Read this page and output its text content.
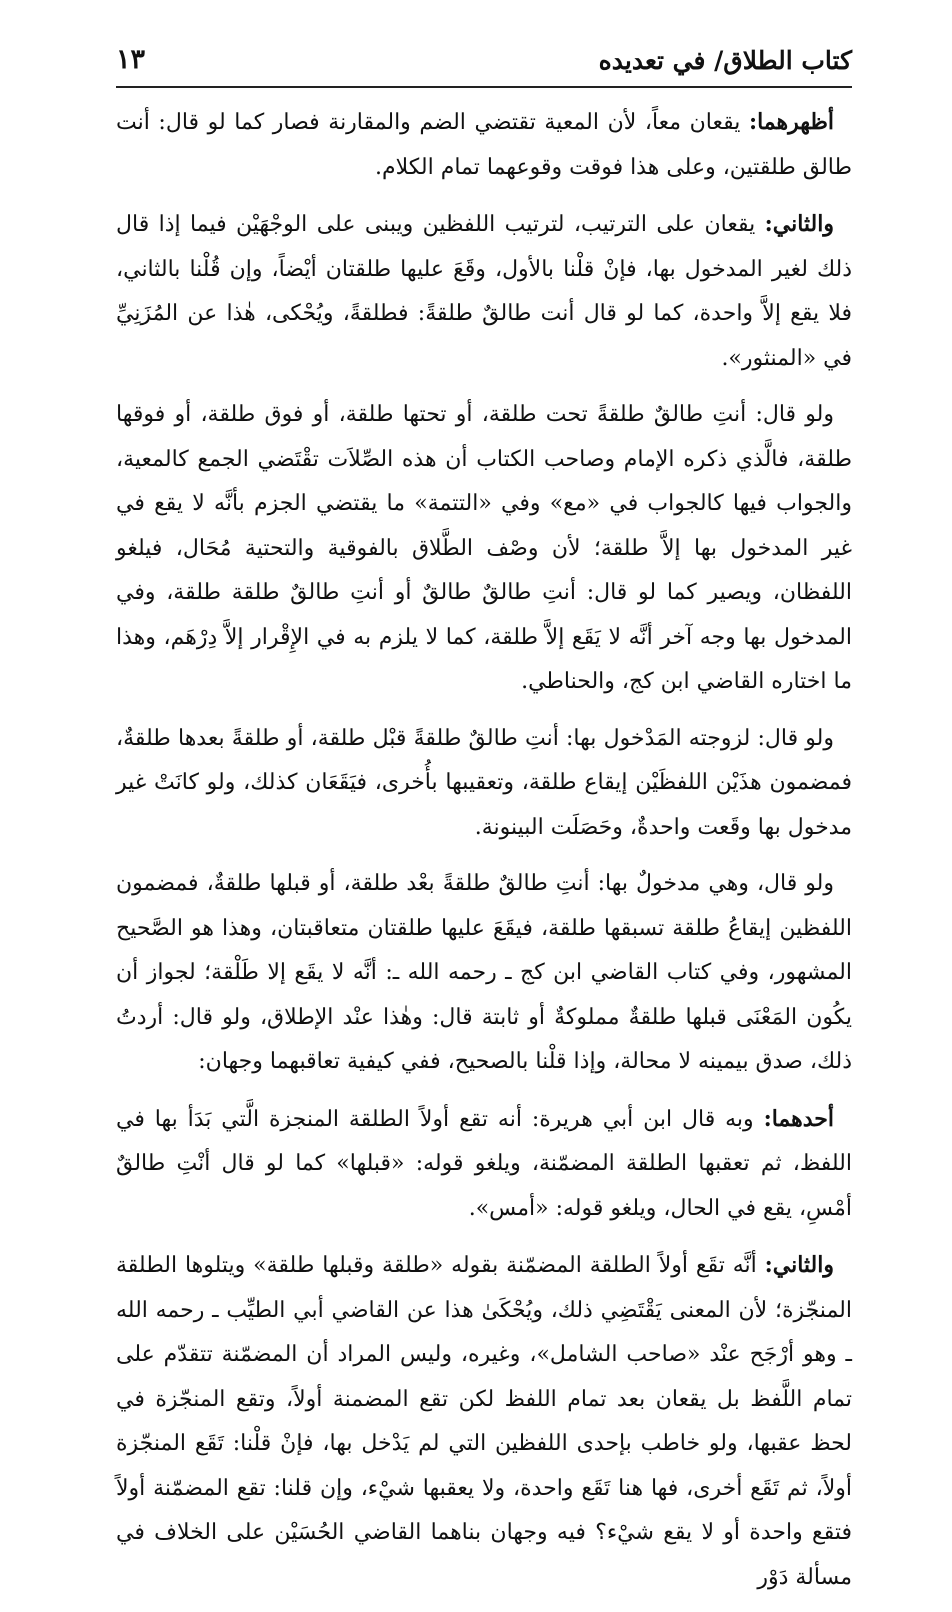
كتاب الطلاق/ في تعديده
١٣

أظهرهما: يقعان معاً، لأن المعية تقتضي الضم والمقارنة فصار كما لو قال: أنت طالق طلقتين، وعلى هذا فوقت وقوعهما تمام الكلام.

والثاني: يقعان على الترتيب، لترتيب اللفظين ويبنى على الوجْهَيْن فيما إذا قال ذلك لغير المدخول بها، فإنْ قلْنا بالأول، وقَعَ عليها طلقتان أيْضاً، وإن قُلْنا بالثاني، فلا يقع إلاَّ واحدة، كما لو قال أنت طالقٌ طلقةً: فطلقةً، ويُحْكى، هٰذا عن المُزَنِيِّ في «المنثور».

ولو قال: أنتِ طالقٌ طلقةً تحت طلقة، أو تحتها طلقة، أو فوق طلقة، أو فوقها طلقة، فالَّذي ذكره الإمام وصاحب الكتاب أن هذه الصِّلاَت تقْتَضي الجمع كالمعية، والجواب فيها كالجواب في «مع» وفي «التتمة» ما يقتضي الجزم بأنَّه لا يقع في غير المدخول بها إلاَّ طلقة؛ لأن وصْف الطَّلاق بالفوقية والتحتية مُحَال، فيلغو اللفظان، ويصير كما لو قال: أنتِ طالقٌ طالقٌ أو أنتِ طالقٌ طلقة طلقة، وفي المدخول بها وجه آخر أنَّه لا يَقَع إلاَّ طلقة، كما لا يلزم به في الإِقْرار إلاَّ دِرْهَم، وهذا ما اختاره القاضي ابن كج، والحناطي.

ولو قال: لزوجته المَدْخول بها: أنتِ طالقٌ طلقةً قبْل طلقة، أو طلقةً بعدها طلقةٌ، فمضمون هذَيْن اللفظَيْن إيقاع طلقة، وتعقيبها بأُخرى، فيَقَعَان كذلك، ولو كانَتْ غير مدخول بها وقَعت واحدةٌ، وحَصَلَت البينونة.

ولو قال، وهي مدخولٌ بها: أنتِ طالقٌ طلقةً بعْد طلقة، أو قبلها طلقةٌ، فمضمون اللفظين إيقاعُ طلقة تسبقها طلقة، فيقَعَ عليها طلقتان متعاقبتان، وهذا هو الصَّحيح المشهور، وفي كتاب القاضي ابن كج ـ رحمه الله ـ: أنَّه لا يقَع إلا طَلْقة؛ لجواز أن يكُون المَعْنَى قبلها طلقةٌ مملوكةٌ أو ثابتة قال: وهٰذا عنْد الإطلاق، ولو قال: أردتُ ذلك، صدق بيمينه لا محالة، وإذا قلْنا بالصحيح، ففي كيفية تعاقبهما وجهان:

أحدهما: وبه قال ابن أبي هريرة: أنه تقع أولاً الطلقة المنجزة الَّتي بَدَأ بها في اللفظ، ثم تعقبها الطلقة المضمّنة، ويلغو قوله: «قبلها» كما لو قال أنْتِ طالقٌ أمْسِ، يقع في الحال، ويلغو قوله: «أمس».

والثاني: أنَّه تقَع أولاً الطلقة المضمّنة بقوله «طلقة وقبلها طلقة» ويتلوها الطلقة المنجّزة؛ لأن المعنى يَقْتَضِي ذلك، ويُحْكَىٰ هذا عن القاضي أبي الطيِّب ـ رحمه الله ـ وهو أرْجَح عنْد «صاحب الشامل»، وغيره، وليس المراد أن المضمّنة تتقدّم على تمام اللَّفظ بل يقعان بعد تمام اللفظ لكن تقع المضمنة أولاً، وتقع المنجّزة في لحظ عقبها، ولو خاطب بإحدى اللفظين التي لم يَدْخل بها، فإنْ قلْنا: تَقَع المنجّزة أولاً، ثم تَقَع أخرى، فها هنا تَقَع واحدة، ولا يعقبها شيْء، وإن قلنا: تقع المضمّنة أولاً فتقع واحدة أو لا يقع شيْء؟ فيه وجهان بناهما القاضي الحُسَيْن على الخلاف في مسألة دَوْر
